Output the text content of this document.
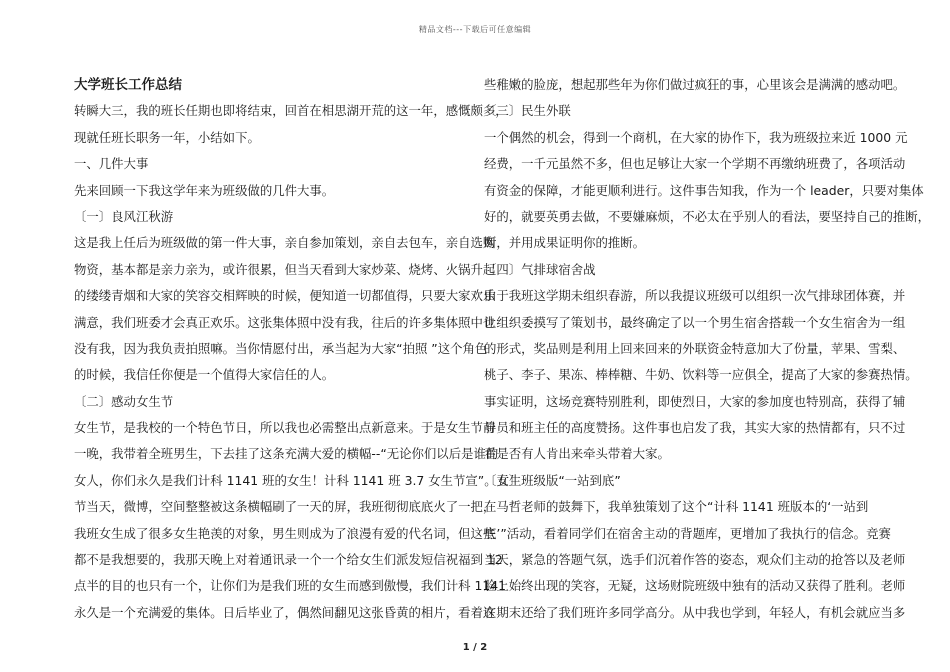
精品文档---下载后可任意编辑
大学班长工作总结
转瞬大三，我的班长任期也即将结束，回首在相思湖开荒的这一年，感慨颇多，
现就任班长职务一年，小结如下。
一、几件大事
先来回顾一下我这学年来为班级做的几件大事。
〔一〕良风江秋游
这是我上任后为班级做的第一件大事，亲自参加策划，亲自去包车，亲自选购
物资，基本都是亲力亲为，或许很累，但当天看到大家炒菜、烧烤、火锅升起
的缕缕青烟和大家的笑容交相辉映的时候，便知道一切都值得，只要大家欢乐
满意，我们班委才会真正欢乐。这张集体照中没有我，往后的许多集体照中也
没有我，因为我负责拍照嘛。当你情愿付出，承当起为大家“拍照 ”这个角色
的时候，我信任你便是一个值得大家信任的人。
〔二〕感动女生节
女生节，是我校的一个特色节日，所以我也必需整出点新意来。于是女生节前
一晚，我带着全班男生，下去挂了这条充满大爱的横幅--“无论你们以后是谁的
女人，你们永久是我们计科 1141 班的女生！计科 1141 班 3.7 女生节宣”。女生
节当天，微博，空间整整被这条横幅刷了一天的屏，我班彻彻底底火了一把，
我班女生成了很多女生艳羡的对象，男生则成为了浪漫有爱的代名词，但这些
都不是我想要的，我那天晚上对着通讯录一个一个给女生们派发短信祝福到 12
点半的目的也只有一个，让你们为是我们班的女生而感到傲慢，我们计科 1141
永久是一个充满爱的集体。日后毕业了，偶然间翻见这张昏黄的相片，看着这
些稚嫩的脸庞，想起那些年为你们做过疯狂的事，心里该会是满满的感动吧。
〔三〕民生外联
一个偶然的机会，得到一个商机，在大家的协作下，我为班级拉来近 1000 元
经费，一千元虽然不多，但也足够让大家一个学期不再缴纳班费了，各项活动
有资金的保障，才能更顺利进行。这件事告知我，作为一个 leader，只要对集体
好的，就要英勇去做，不要嫌麻烦，不必太在乎别人的看法，要坚持自己的推断，
断，并用成果证明你的推断。
〔四〕气排球宿舍战
由于我班这学期未组织春游，所以我提议班级可以组织一次气排球团体赛，并
让组织委摸写了策划书，最终确定了以一个男生宿舍搭载一个女生宿舍为一组
的形式，奖品则是利用上回来回来的外联资金特意加大了份量，苹果、雪梨、
桃子、李子、果冻、棒棒糖、牛奶、饮料等一应俱全，提高了大家的参赛热情。
事实证明，这场竞赛特别胜利，即使烈日，大家的参加度也特别高，获得了辅
导员和班主任的高度赞扬。这件事也启发了我，其实大家的热情都有，只不过
看是否有人肯出来牵头带着大家。
〔五〕班级版“一站到底”
在马哲老师的鼓舞下，我单独策划了这个“计科 1141 班版本的‘一站到
底’”活动，看着同学们在宿舍主动的背题库，更增加了我执行的信念。竞赛
当天，紧急的答题气氛，选手们沉着作答的姿态，观众们主动的抢答以及老师
脸上始终出现的笑容，无疑，这场财院班级中独有的活动又获得了胜利。老师
在期末还给了我们班许多同学高分。从中我也学到，年轻人，有机会就应当多
1 / 2
